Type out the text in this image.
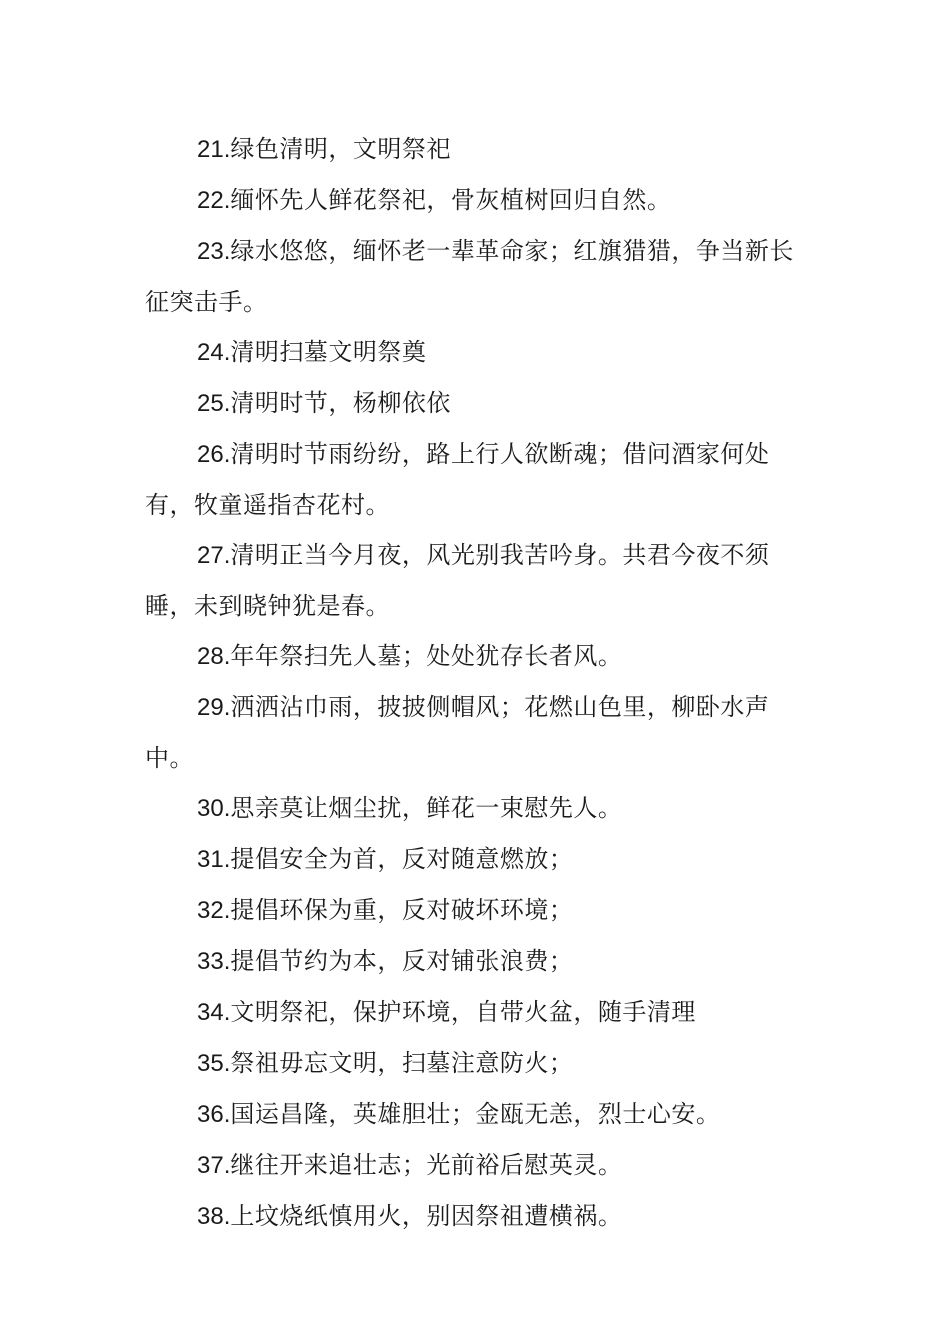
21.绿色清明，文明祭祀

22.缅怀先人鲜花祭祀，骨灰植树回归自然。

23.绿水悠悠，缅怀老一辈革命家；红旗猎猎，争当新长征突击手。

24.清明扫墓文明祭奠

25.清明时节，杨柳依依

26.清明时节雨纷纷，路上行人欲断魂；借问酒家何处有，牧童遥指杏花村。

27.清明正当今月夜，风光别我苦吟身。共君今夜不须睡，未到晓钟犹是春。

28.年年祭扫先人墓；处处犹存长者风。

29.洒洒沾巾雨，披披侧帽风；花燃山色里，柳卧水声中。

30.思亲莫让烟尘扰，鲜花一束慰先人。

31.提倡安全为首，反对随意燃放；

32.提倡环保为重，反对破坏环境；

33.提倡节约为本，反对铺张浪费；

34.文明祭祀，保护环境，自带火盆，随手清理

35.祭祖毋忘文明，扫墓注意防火；

36.国运昌隆，英雄胆壮；金瓯无恙，烈士心安。

37.继往开来追壮志；光前裕后慰英灵。

38.上坟烧纸慎用火，别因祭祖遭横祸。
